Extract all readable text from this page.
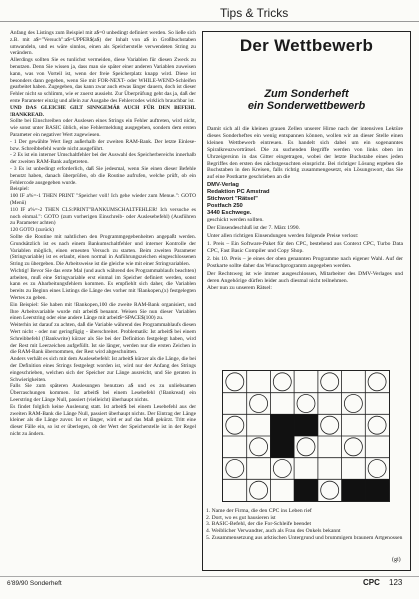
Tips & Tricks

Anfang des Listings zum Beispiel mit a$=0 unbedingt definiert werden. So ließe sich z.B. mit a$="Versuch":a$=UPPER$(a$) der Inhalt von a$ in Großbuchstaben umwandeln, und es wäre sinnlos, einen als Speicherstelle verwendeten String zu verändern.

Allerdings sollten Sie es tunlichst vermeiden, diese Variablen für diesen Zweck zu benutzen. Denn Sie wissen ja, dass man sie später einer anderen Variablen zuweisen kann, was von Vorteil ist, wenn der freie Speicherplatz knapp wird. Diese ist besonders dann gegeben, wenn Sie mit FOR-NEXT- oder WHILE-WEND-Schleifen gearbeitet haben. Zugegeben, das kann zwar auch etwas länger dauern, doch ist dieser Fehler nicht so schlimm, wie er zuerst aussieht. Zur Überprüfung geht das ja, daß der erste Parameter einzig und allein zur Ausgabe des Fehlercodes wirklich brauchbar ist.

UND DAS GLEICHE GILT SINNGEMÄß AUCH FÜR DEN BEFEHL !BANKREAD.

Sollte bei Einschreiben oder Auslesen eines Strings ein Fehler auftreten, wird nicht, wie sonst unter BASIC üblich, eine Fehlermeldung ausgegeben, sondern dem ersten Parameter ein negativer Wert zugewiesen.

- 1 Der gewählte Wert liegt außerhalb der zweiten RAM-Bank. Der letzte Einlese- bzw. Schreibbefehl wurde nicht ausgeführt.

- 2 Es ist ein interner Umschaltfehler bei der Auswahl des Speicherbereichs innerhalb der zweiten RAM-Bank aufgetreten.

- 3 Es ist unbedingt erforderlich, daß Sie jedesmal, wenn Sie einen dieser Befehle benutzt haben, danach überprüfen, ob die Routine aufrufen, welche prüft, ob ein Fehlercode ausgegeben wurde.

Beispiel:

100 IF a%=-1 THEN PRINT "Speicher voll! Ich gehe wieder zum Menue.": GOTO (Menü)

110 IF a%=-2 THEN CLS:PRINT"BANKUMSCHALTFEHLER! Ich versuche es noch einmal.": GOTO (zum vorherigen Einschreib- oder Auslesebefehl) (Ausführen zu Parameter achten)

120 GOTO (zurück)

Sollte die Routine mit nahtlichen den Programmgegebenheiten angepaßt werden. Grundsätzlich ist es nach einem Bankumschaltfehler und interner Kontrolle der Variablen möglich, einen erneuten Versuch zu starten. Beim zweiten Parameter (Stringvariable) ist es erlaubt, einen normal in Anführungszeichen eingeschlossenen String zu übergeben. Die Arbeitsweise ist die gleiche wie mit einer Stringvariablen.

Wichtig! Bevor Sie das erste Mal (und auch während des Programmablaufs beachten) arbeiten, muß eine Stringvariable erst einmal im Speicher definiert werden, sonst kann es zu Abarbeitungsfehlern kommen. Es empfiehlt sich daher, die Variablen bereits zu Beginn eines Listings die Länge des vorher mit !Bankopen,(x) festgelegten Wertes zu geben.

Ein Beispiel: Sie haben mit !Bankopen,100 die zweite RAM-Bank organisiert, und Ihre Arbeitsvariable wurde mit arbeit$ benannt. Weisen Sie nun dieser Variablen einen Leerstring oder eine andere Länge mit arbeit$=SPACE$(100) zu.

Weiterhin ist darauf zu achten, daß die Variable während des Programmablaufs diesen Wert nicht - oder nur geringfügig - überschreitet. Problematik: Ist arbeit$ bei einem Schreibbefehl (!Bankwrite) kürzer als Sie bei der Definition festgelegt haben, wird der Rest mit Leerzeichen aufgefüllt. Ist sie länger, werden nur die ersten Zeichen in die RAM-Bank übernommen, der Rest wird abgeschnitten.

Anders verhält es sich mit dem Auslesebefehl: Ist arbeit$ kürzer als die Länge, die bei der Definition eines Strings festgelegt worden ist, wird nur der Anfang des Strings eingeschrieben, welchen sich der Speicher zur Länge ausreicht, und Sie geraten in Schwierigkeiten.

Falls Sie zum späteren Auslesungen benutzen a$ und es zu unliebsamen Überraschungen kommen. Ist arbeit$ bei einem Lesebefehl (!Bankread) ein Leerstring der Länge Null, passiert (vielleicht) überhaupt nichts.

Es findet folglich keine Auslesung statt. Ist arbeit$ bei einem Lesebefehl aus der zweiten RAM-Bank die Länge Null, passiert überhaupt nichts. Der Eintrag der Länge kleiner als die Länge zuvor. Ist er länger, wird er auf das Maß gekürzt. Tritt eine dieser Fälle ein, so ist er überlegen, ob der Wert der Speicherstelle ist in der Regel nicht zu ändern.

Der Wettbewerb
Zum Sonderheft
ein Sonderwettbewerb

Damit sich all die kleinen grauen Zellen unserer Hirne nach der intensiven Lektüre dieses Sonderheftes ein wenig entspannen können, wollen wir an dieser Stelle einen kleinen Wettbewerb eintreuen. Es handelt sich dabei um ein sogenanntes Spiralkreuzworträtsel. Die zu suchenden Begriffe werden von links oben im Uhrzeigersinn in das Gitter eingetragen, wobei der letzte Buchstabe eines jeden Begriffes den ersten des nächstgesuchten einspricht. Bei richtiger Lösung ergeben die Buchstaben in den Kreisen, falls richtig zusammengesetzt, ein Lösungswort, das Sie auf eine Postkarte geschrieben an die

DMV-Verlag
Redaktion PC Amstrad
Stichwort "Rätsel"
Postfach 250
3440 Eschwege.

geschickt werden sollten.

Der Einsendeschluß ist der 7. März 1990.

Unter allen richtigen Einsendungen werden folgende Preise verlost:

1. Preis – Ein Software-Paket für den CPC, bestehend aus Context CPC, Turbo Data CPC, Fast Basic Compiler und Copy Shop.

2. bis 10. Preis – je eines der oben genannten Programme nach eigener Wahl. Auf der Postkarte sollte daher das Wunschprogramm angegeben werden.

Der Rechtsweg ist wie immer ausgeschlossen, Mitarbeiter des DMV-Verlages und deren Angehörige dürfen leider auch diesmal nicht teilnehmen.

Aber nun zu unserem Rätsel:

1. Name der Firma, die den CPC ins Leben rief
2. Dort, wo es gut hausieren ist
3. BASIC-Befehl, der die For-Schleife beendet
4. Weiblicher Verwandter, auch als Frau des Onkels bekannt
5. Zusammensetzung aus arktischen Untergrund und brummigem braunem Artgenossen
(gi)
6'89/90 Sonderheft	CPC 123
